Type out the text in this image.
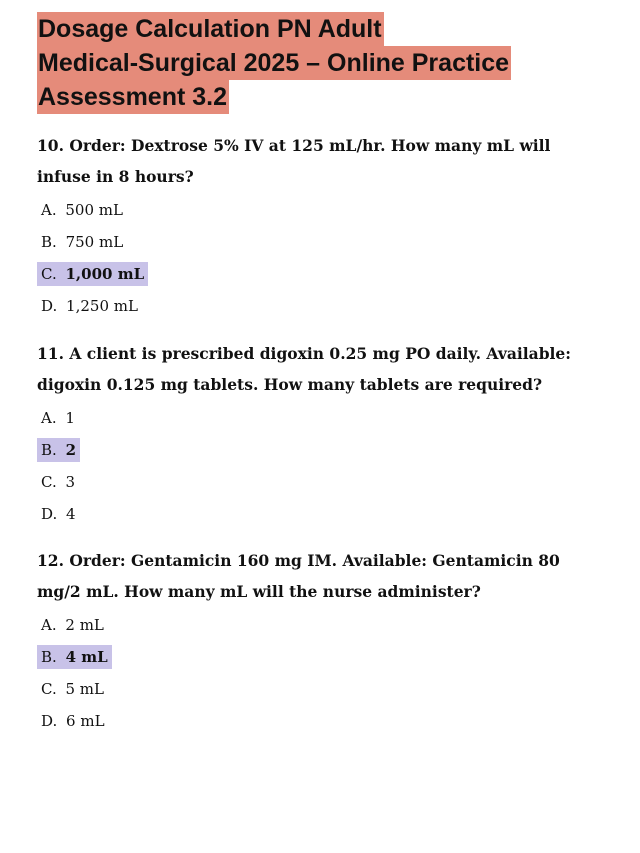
Dosage Calculation PN Adult
Medical-Surgical 2025 – Online Practice
Assessment 3.2
10. Order: Dextrose 5% IV at 125 mL/hr. How many mL will infuse in 8 hours?
A. 500 mL
B. 750 mL
C. 1,000 mL
D. 1,250 mL
11. A client is prescribed digoxin 0.25 mg PO daily. Available: digoxin 0.125 mg tablets. How many tablets are required?
A. 1
B. 2
C. 3
D. 4
12. Order: Gentamicin 160 mg IM. Available: Gentamicin 80 mg/2 mL. How many mL will the nurse administer?
A. 2 mL
B. 4 mL
C. 5 mL
D. 6 mL
